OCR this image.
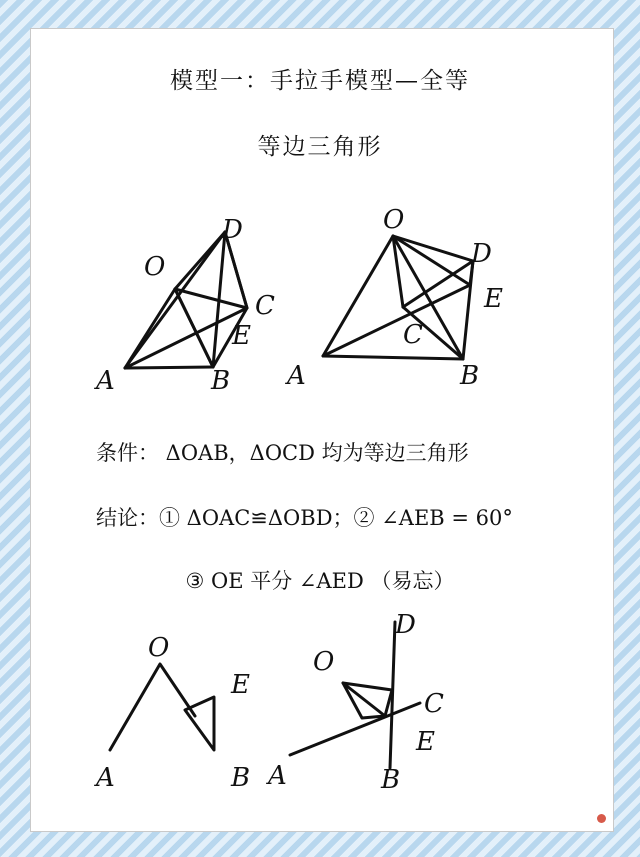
模型一：手拉手模型—全等
等边三角形
D
O
C
E
A	B
O
D
E
C
A	B
O
E
A	B
D
O
C
E
A	B
条件： ΔOAB，ΔOCD 均为等边三角形
结论：① ΔOAC≌ΔOBD；② ∠AEB = 60°
③ OE 平分 ∠AED （易忘）
